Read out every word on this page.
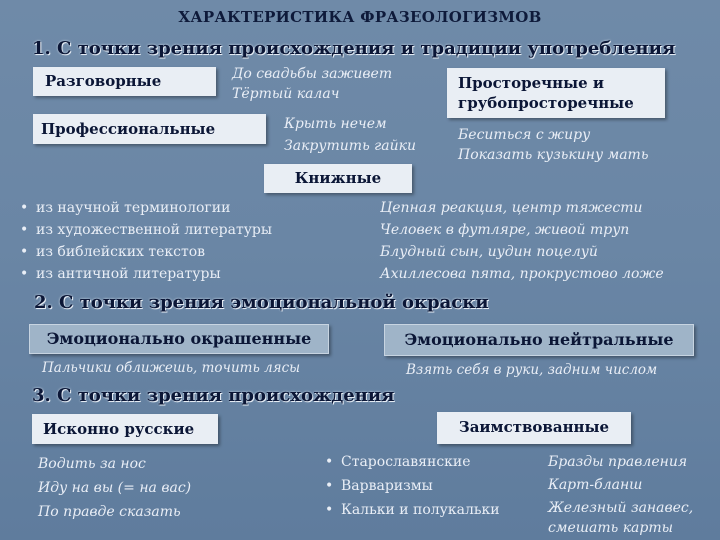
ХАРАКТЕРИСТИКА ФРАЗЕОЛОГИЗМОВ
1. С точки зрения происхождения и традиции употребления
Разговорные	До свадьбы заживет
Тёртый калач
Просторечные и
грубопросторечные
Беситься с жиру
Показать кузькину мать
Профессиональные	Крыть нечем
Закрутить гайки
Книжные
• из научной терминологии
• из художественной литературы
• из библейских текстов
• из античной литературы
Цепная реакция, центр тяжести
Человек в футляре, живой труп
Блудный сын, иудин поцелуй
Ахиллесова пята, прокрустово ложе
2. С точки зрения эмоциональной окраски
Эмоционально окрашенные
Пальчики оближешь, точить лясы
Эмоционально нейтральные
Взять себя в руки, задним числом
3. С точки зрения происхождения
Исконно русские
Водить за нос
Иду на вы (= на вас)
По правде сказать
Заимствованные
• Старославянские
• Варваризмы
• Кальки и полукальки
Бразды правления
Карт-бланш
Железный занавес,
смешать карты
